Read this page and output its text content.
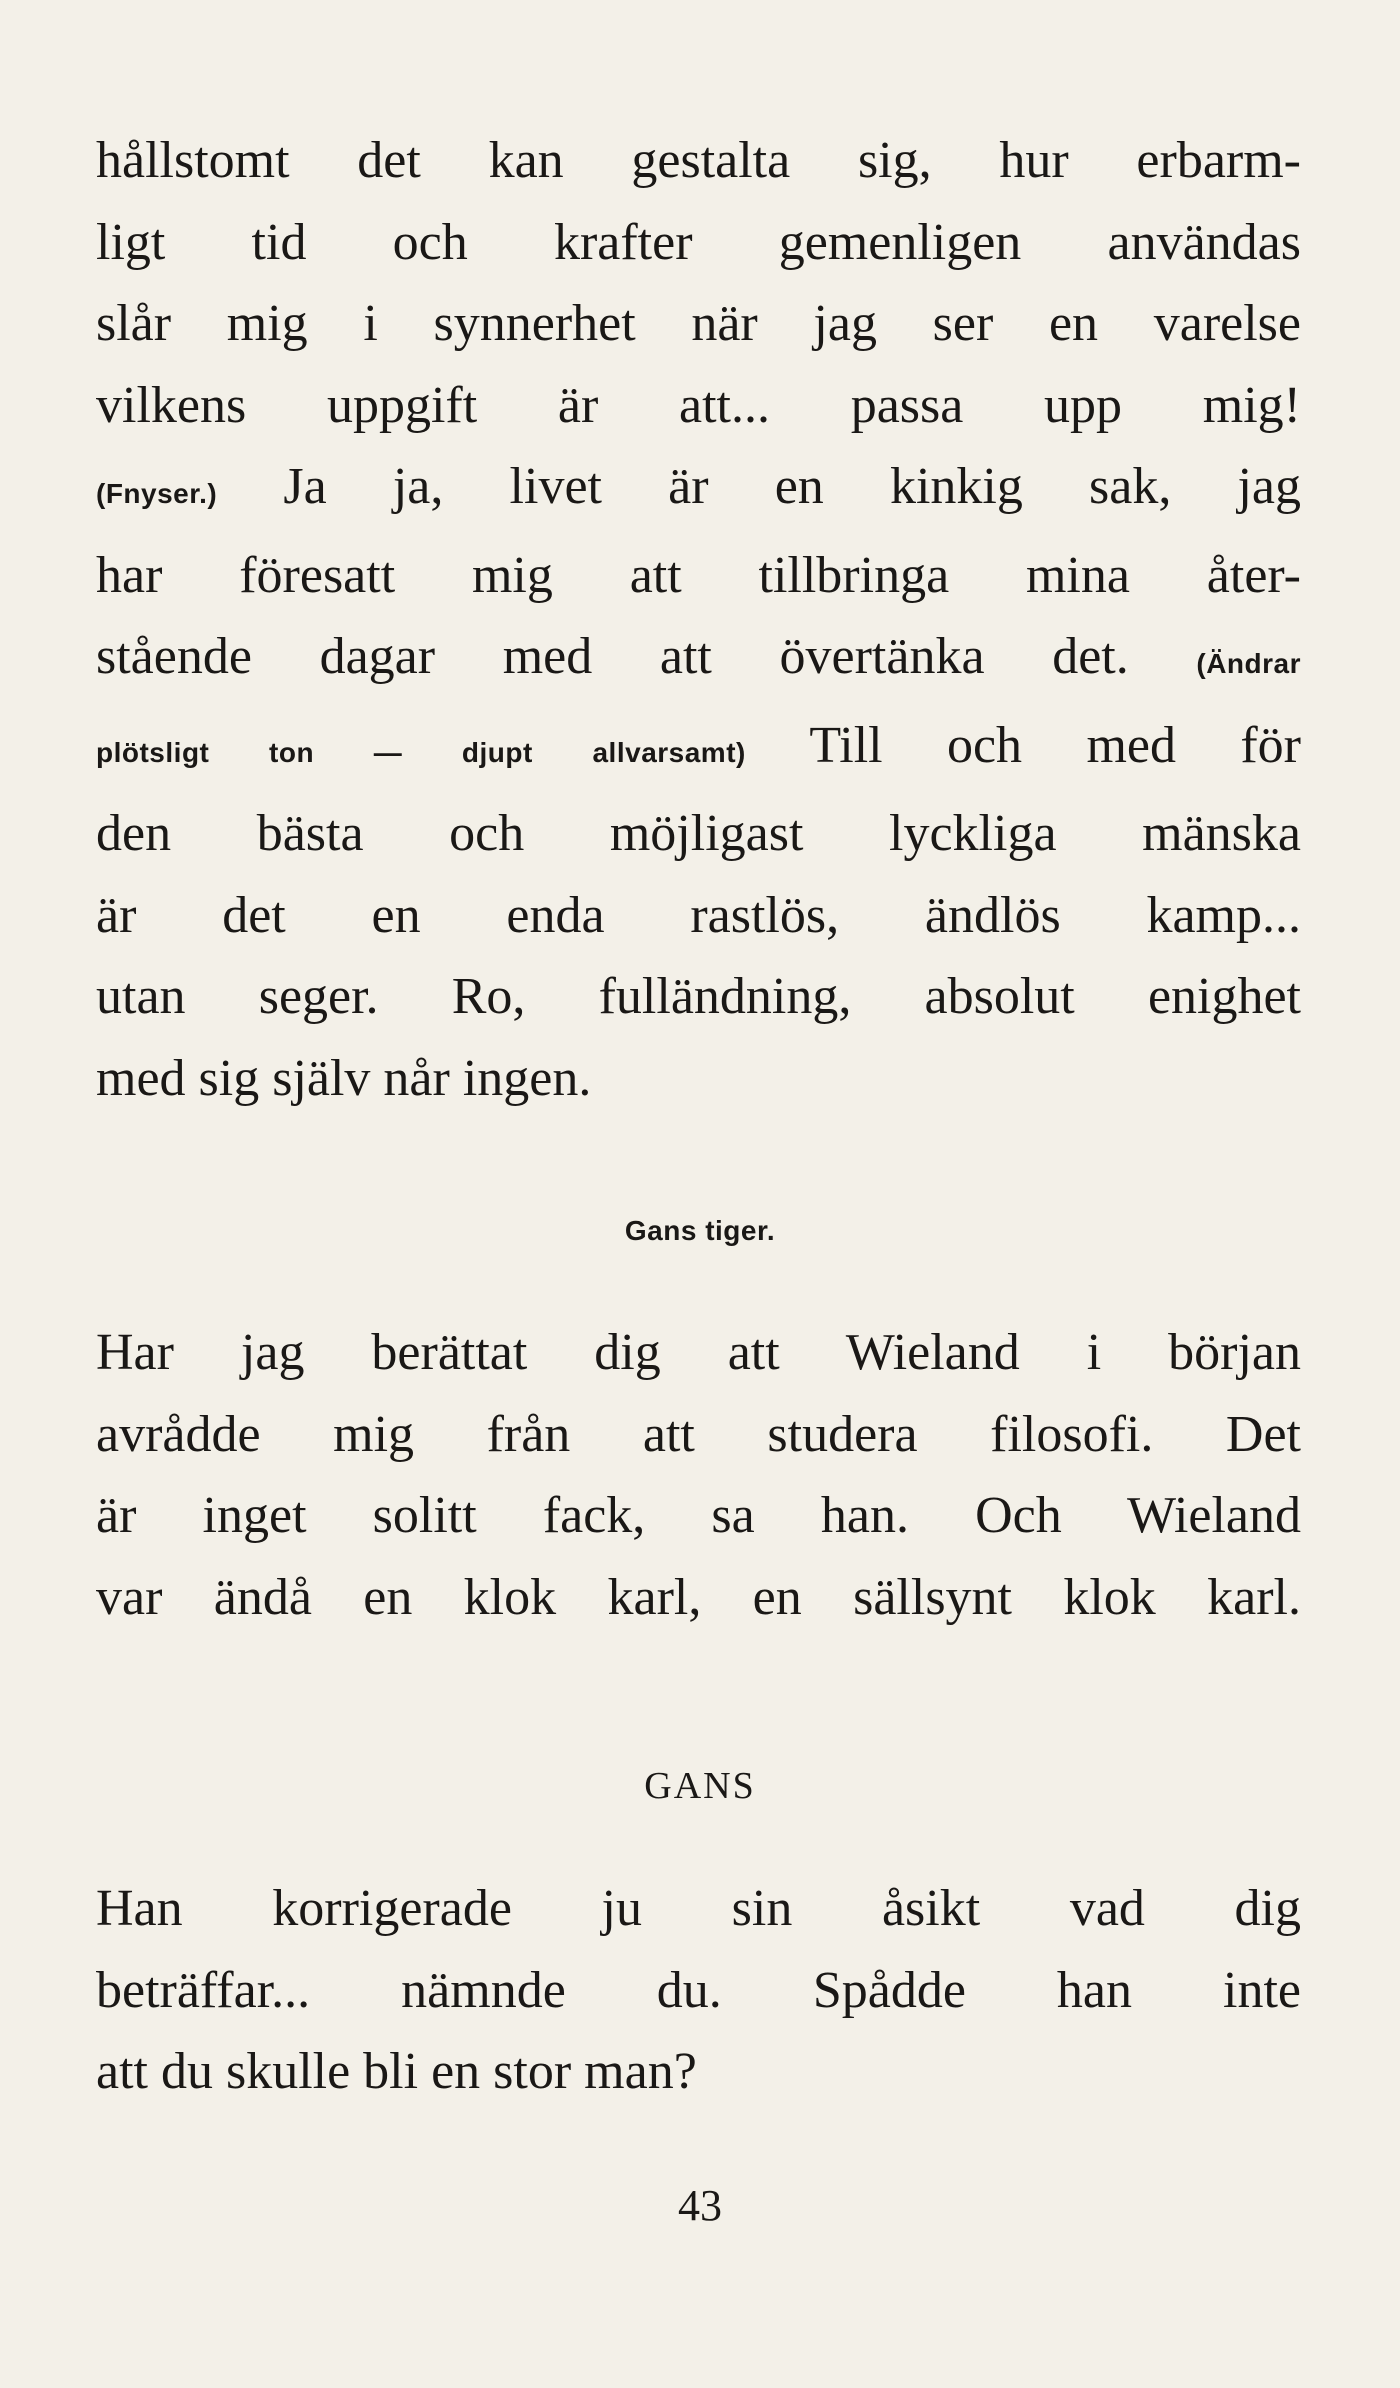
hållstomt det kan gestalta sig, hur erbarm-
ligt tid och krafter gemenligen användas
slår mig i synnerhet när jag ser en varelse
vilkens uppgift är att... passa upp mig!
(Fnyser.) Ja ja, livet är en kinkig sak, jag
har föresatt mig att tillbringa mina åter-
stående dagar med att övertänka det. (Ändrar
plötsligt ton — djupt allvarsamt) Till och med för
den bästa och möjligast lyckliga mänska
är det en enda rastlös, ändlös kamp...
utan seger. Ro, fulländning, absolut enighet
med sig själv når ingen.

Gans tiger.

Har jag berättat dig att Wieland i början
avrådde mig från att studera filosofi. Det
är inget solitt fack, sa han. Och Wieland
var ändå en klok karl, en sällsynt klok karl.

GANS

Han korrigerade ju sin åsikt vad dig
beträffar... nämnde du. Spådde han inte
att du skulle bli en stor man?

43
